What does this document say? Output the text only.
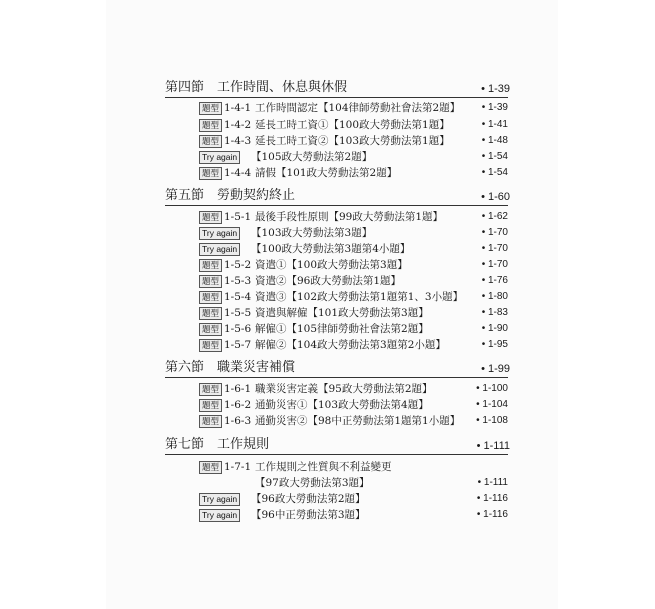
第四節　工作時間、休息與休假	• 1-39
題型 1-4-1 工作時間認定【104律師勞動社會法第2題】 • 1-39
題型 1-4-2 延長工時工資①【100政大勞動法第1題】	• 1-41
題型 1-4-3 延長工時工資②【103政大勞動法第1題】	• 1-48
Try again 【105政大勞動法第2題】	• 1-54
題型 1-4-4 請假【101政大勞動法第2題】	• 1-54
第五節　勞動契約終止	• 1-60
題型 1-5-1 最後手段性原則【99政大勞動法第1題】	• 1-62
Try again 【103政大勞動法第3題】	• 1-70
Try again 【100政大勞動法第3題第4小題】	• 1-70
題型 1-5-2 資遣①【100政大勞動法第3題】	• 1-70
題型 1-5-3 資遣②【96政大勞動法第1題】	• 1-76
題型 1-5-4 資遣③【102政大勞動法第1題第1、3小題】 • 1-80
題型 1-5-5 資遣與解僱【101政大勞動法第3題】	• 1-83
題型 1-5-6 解僱①【105律師勞動社會法第2題】	• 1-90
題型 1-5-7 解僱②【104政大勞動法第3題第2小題】	• 1-95
第六節　職業災害補償	• 1-99
題型 1-6-1 職業災害定義【95政大勞動法第2題】	• 1-100
題型 1-6-2 通勤災害①【103政大勞動法第4題】	• 1-104
題型 1-6-3 通勤災害②【98中正勞動法第1題第1小題】 • 1-108
第七節　工作規則	• 1-111
題型 1-7-1 工作規則之性質與不利益變更
【97政大勞動法第3題】	• 1-111
Try again 【96政大勞動法第2題】	• 1-116
Try again 【96中正勞動法第3題】	• 1-116
